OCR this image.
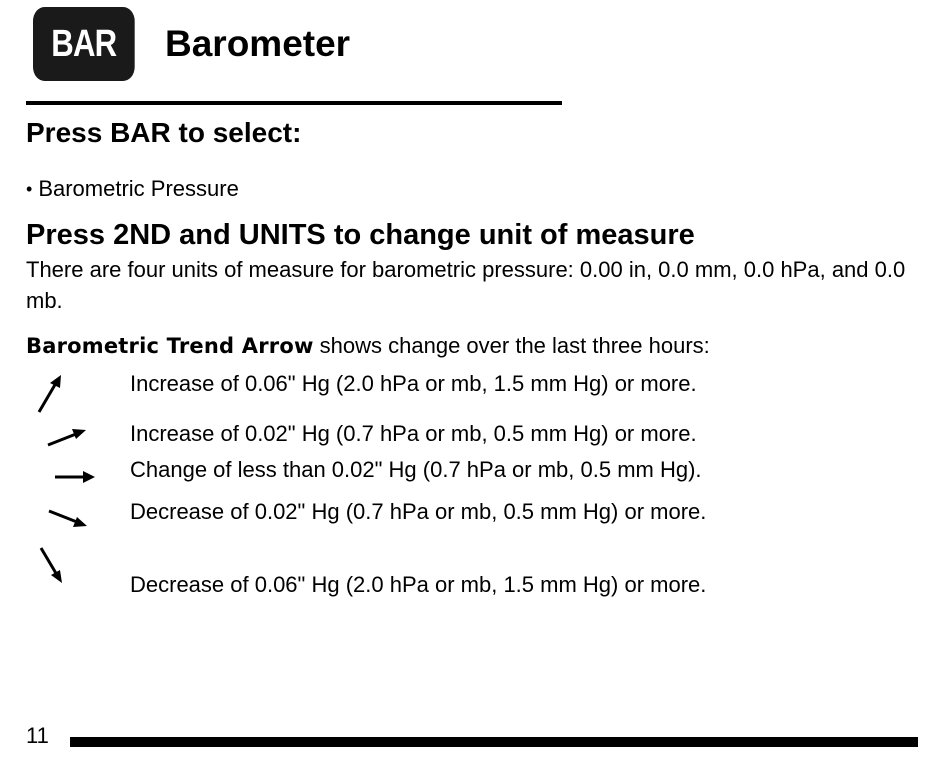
BAR	Barometer
Press BAR to select:
• Barometric Pressure
Press 2ND and UNITS to change unit of measure
There are four units of measure for barometric pressure: 0.00 in, 0.0 mm, 0.0 hPa, and 0.0 mb.
Barometric Trend Arrow shows change over the last three hours:
Increase of 0.06" Hg (2.0 hPa or mb, 1.5 mm Hg) or more.
Increase of 0.02" Hg (0.7 hPa or mb, 0.5 mm Hg) or more.
Change of less than 0.02" Hg (0.7 hPa or mb, 0.5 mm Hg).
Decrease of 0.02" Hg (0.7 hPa or mb, 0.5 mm Hg) or more.
Decrease of 0.06" Hg (2.0 hPa or mb, 1.5 mm Hg) or more.
11
